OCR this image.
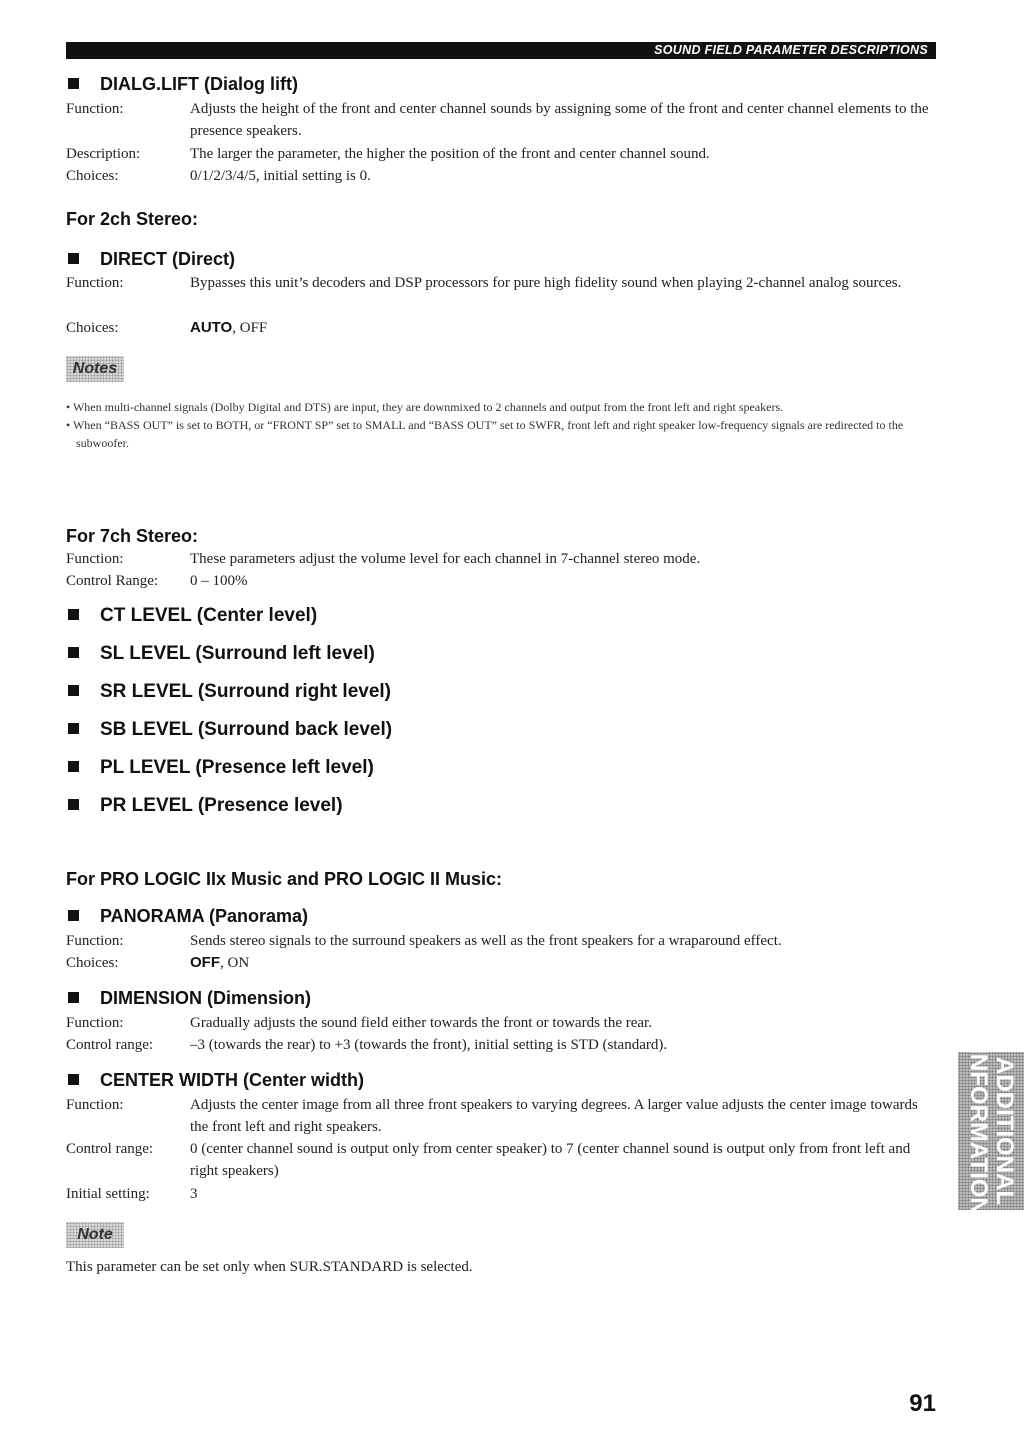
SOUND FIELD PARAMETER DESCRIPTIONS
DIALG.LIFT (Dialog lift)
Function:	Adjusts the height of the front and center channel sounds by assigning some of the front and center channel elements to the presence speakers.
Description:	The larger the parameter, the higher the position of the front and center channel sound.
Choices:	0/1/2/3/4/5, initial setting is 0.
For 2ch Stereo:
DIRECT (Direct)
Function:	Bypasses this unit’s decoders and DSP processors for pure high fidelity sound when playing 2-channel analog sources.
Choices:	AUTO, OFF
Notes

• When multi-channel signals (Dolby Digital and DTS) are input, they are downmixed to 2 channels and output from the front left and right speakers.

• When “BASS OUT” is set to BOTH, or “FRONT SP” set to SMALL and “BASS OUT” set to SWFR, front left and right speaker low-frequency signals are redirected to the subwoofer.

For 7ch Stereo:
Function:	These parameters adjust the volume level for each channel in 7-channel stereo mode.
Control Range: 0 – 100%
CT LEVEL (Center level)
SL LEVEL (Surround left level)
SR LEVEL (Surround right level)
SB LEVEL (Surround back level)
PL LEVEL (Presence left level)
PR LEVEL (Presence level)
For PRO LOGIC IIx Music and PRO LOGIC II Music:
PANORAMA (Panorama)
Function:	Sends stereo signals to the surround speakers as well as the front speakers for a wraparound effect.
Choices:	OFF, ON
DIMENSION (Dimension)
Function:	Gradually adjusts the sound field either towards the front or towards the rear.
Control range: –3 (towards the rear) to +3 (towards the front), initial setting is STD (standard).
CENTER WIDTH (Center width)
Function:	Adjusts the center image from all three front speakers to varying degrees. A larger value adjusts the center image towards the front left and right speakers.
Control range: 0 (center channel sound is output only from center speaker) to 7 (center channel sound is output only from front left and right speakers)
Initial setting:	3
Note
This parameter can be set only when SUR.STANDARD is selected.
ADDITIONAL
INFORMATION
91
